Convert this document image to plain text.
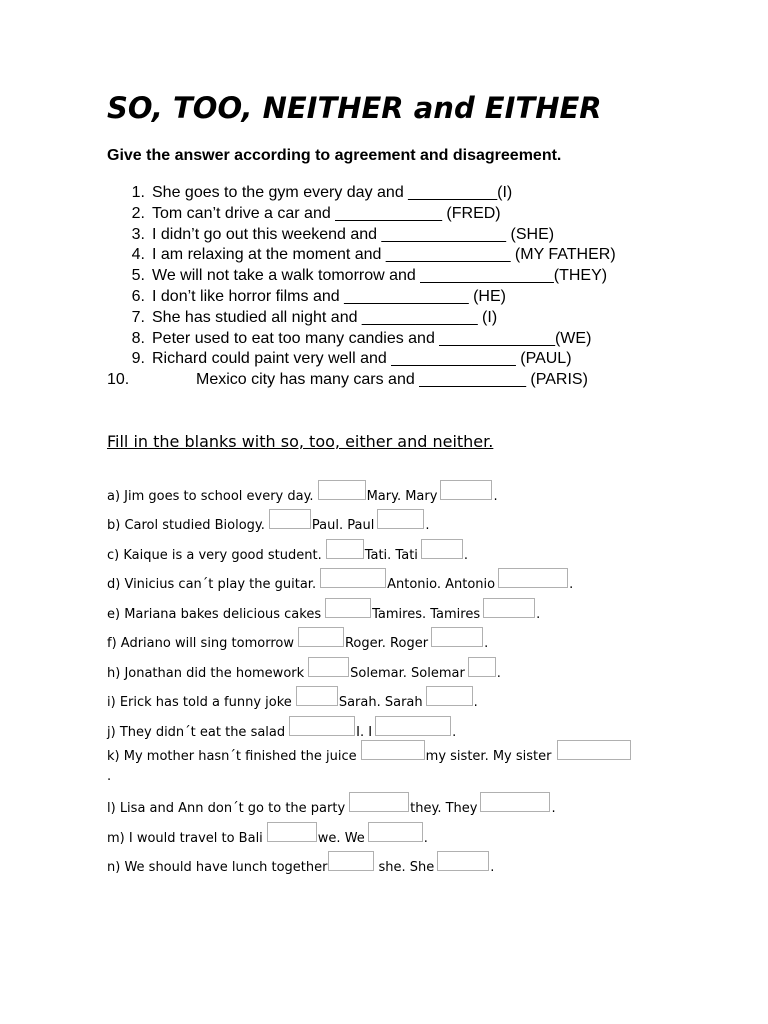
SO, TOO, NEITHER and EITHER

Give the answer according to agreement and disagreement.

1. She goes to the gym every day and __________(I)
2. Tom can’t drive a car and ____________ (FRED)
3. I didn’t go out this weekend and ______________ (SHE)
4. I am relaxing at the moment and ______________ (MY FATHER)
5. We will not take a walk tomorrow and _______________(THEY)
6. I don’t like horror films and ______________ (HE)
7. She has studied all night and _____________ (I)
8. Peter used to eat too many candies and _____________(WE)
9. Richard could paint very well and ______________ (PAUL)
10.	Mexico city has many cars and ____________ (PARIS)

Fill in the blanks with so, too, either and neither.

a) Jim goes to school every day.	Mary. Mary	.
b) Carol studied Biology.	Paul. Paul	.
c) Kaique is a very good student.	Tati. Tati	.
d) Vinicius can´t play the guitar.	Antonio. Antonio	.
e) Mariana bakes delicious cakes	Tamires. Tamires	.
f) Adriano will sing tomorrow	Roger. Roger	.
h) Jonathan did the homework	Solemar. Solemar .
i) Erick has told a funny joke	Sarah. Sarah	.
j) They didn´t eat the salad	I. I	.
k) My mother hasn´t finished the juice	my sister. My sister
.
l) Lisa and Ann don´t go to the party	they. They	.
m) I would travel to Bali	we. We	.
n) We should have lunch together	she. She	.
